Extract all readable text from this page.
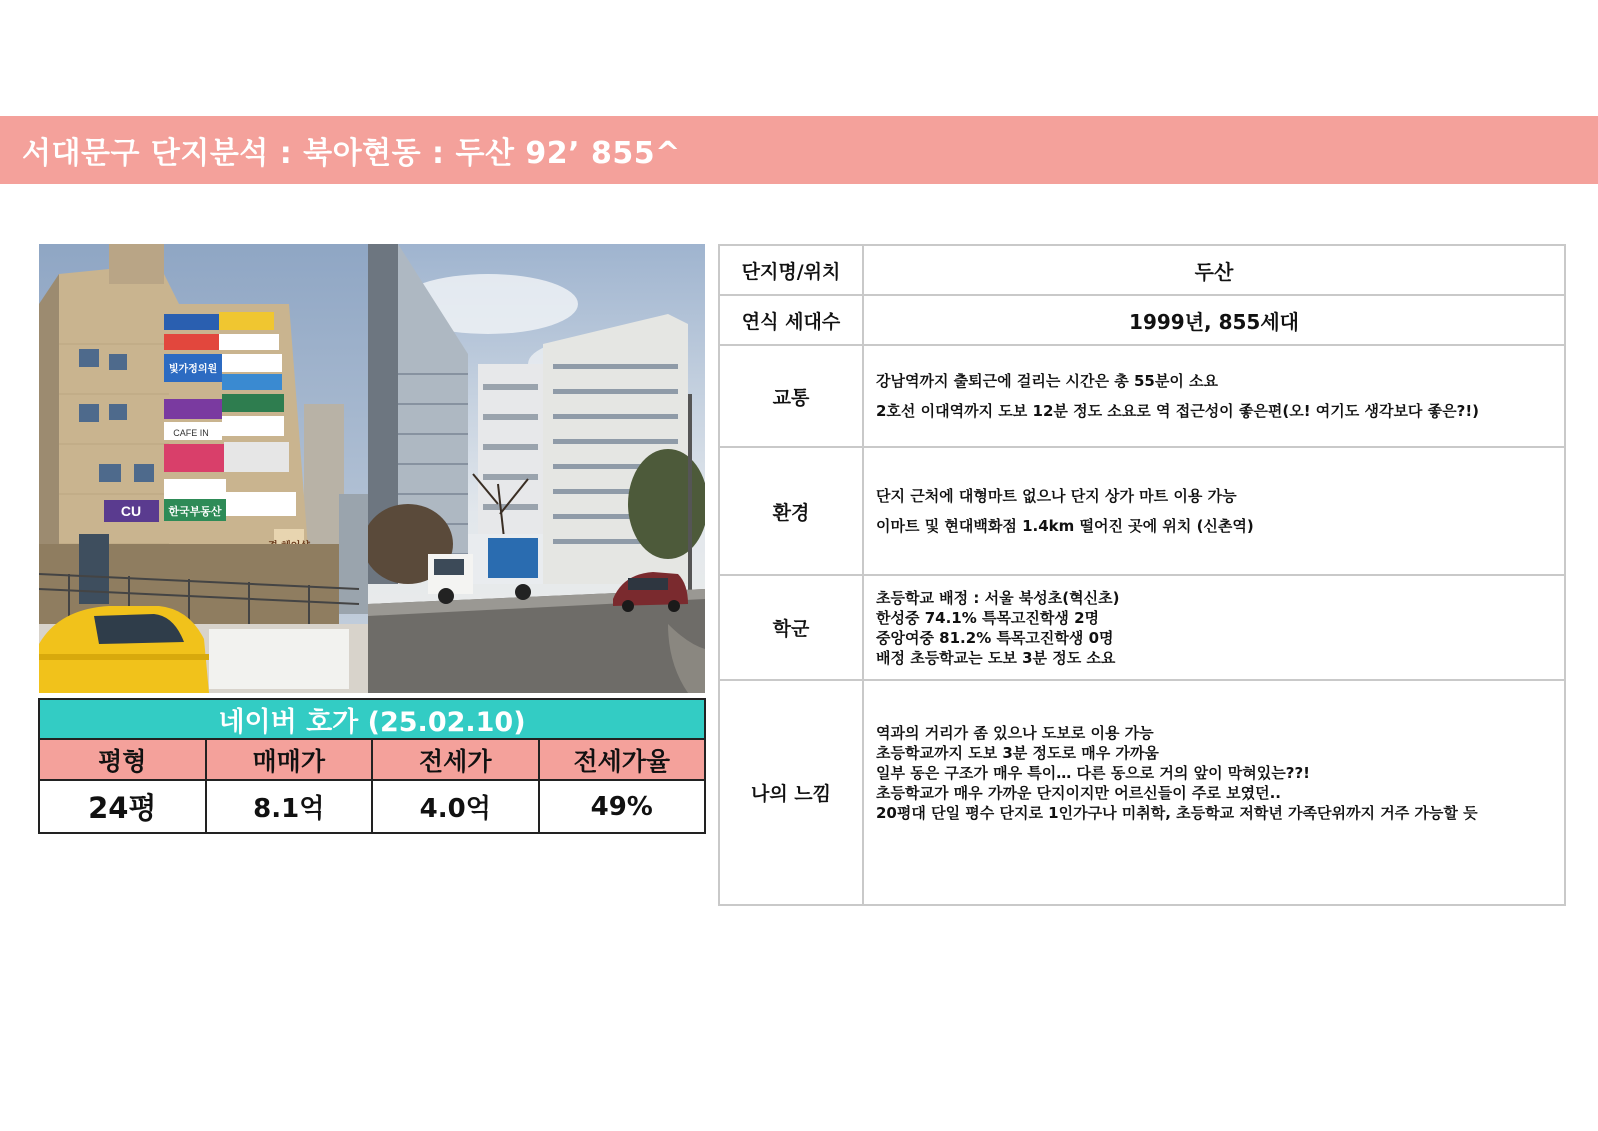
서대문구 단지분석 : 북아현동 : 두산 92’ 855^
CU 한국부동산
CAFE IN
빛가정의원
네이버 호가 (25.02.10)
평형	매매가	전세가	전세가율
24평	8.1억	4.0억	49%
단지명/위치	두산
연식 세대수	1999년, 855세대
교통	강남역까지 출퇴근에 걸리는 시간은 총 55분이 소요
2호선 이대역까지 도보 12분 정도 소요로 역 접근성이 좋은편(오! 여기도 생각보다 좋은?!)

환경	단지 근처에 대형마트 없으나 단지 상가 마트 이용 가능
이마트 및 현대백화점 1.4km 떨어진 곳에 위치 (신촌역)

학군	초등학교 배정 : 서울 북성초(혁신초)
한성중 74.1% 특목고진학생 2명
중앙여중 81.2% 특목고진학생 0명
배정 초등학교는 도보 3분 정도 소요

나의 느낌	역과의 거리가 좀 있으나 도보로 이용 가능
초등학교까지 도보 3분 정도로 매우 가까움
일부 동은 구조가 매우 특이… 다른 동으로 거의 앞이 막혀있는??!
초등학교가 매우 가까운 단지이지만 어르신들이 주로 보였던..
20평대 단일 평수 단지로 1인가구나 미취학, 초등학교 저학년 가족단위까지 거주 가능할 듯
